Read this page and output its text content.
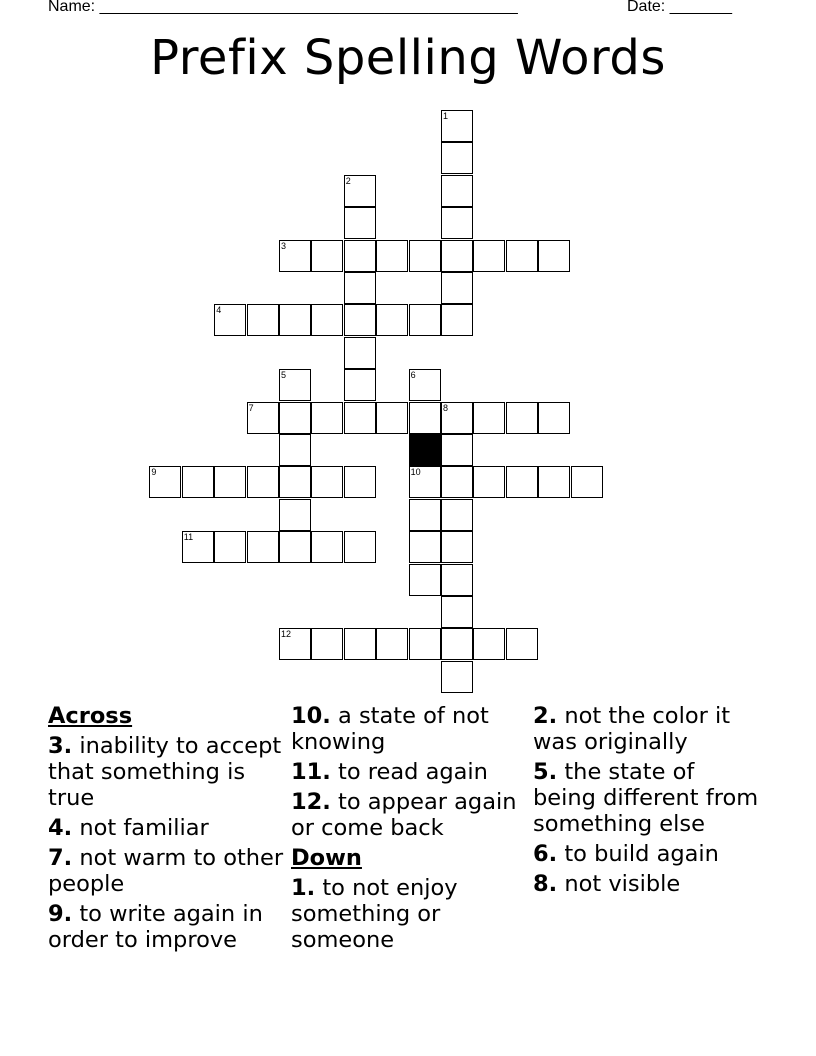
Name: _______________________________________________	Date: _______
Prefix Spelling Words
1
2
3
4
5	6
10
7	8
9
11
12
Across
3. inability to accept that something is true
4. not familiar
7. not warm to other people
9. to write again in order to improve
10. a state of not knowing
11. to read again
12. to appear again or come back
Down
1. to not enjoy something or someone
2. not the color it was originally
5. the state of being different from something else
6. to build again
8. not visible
